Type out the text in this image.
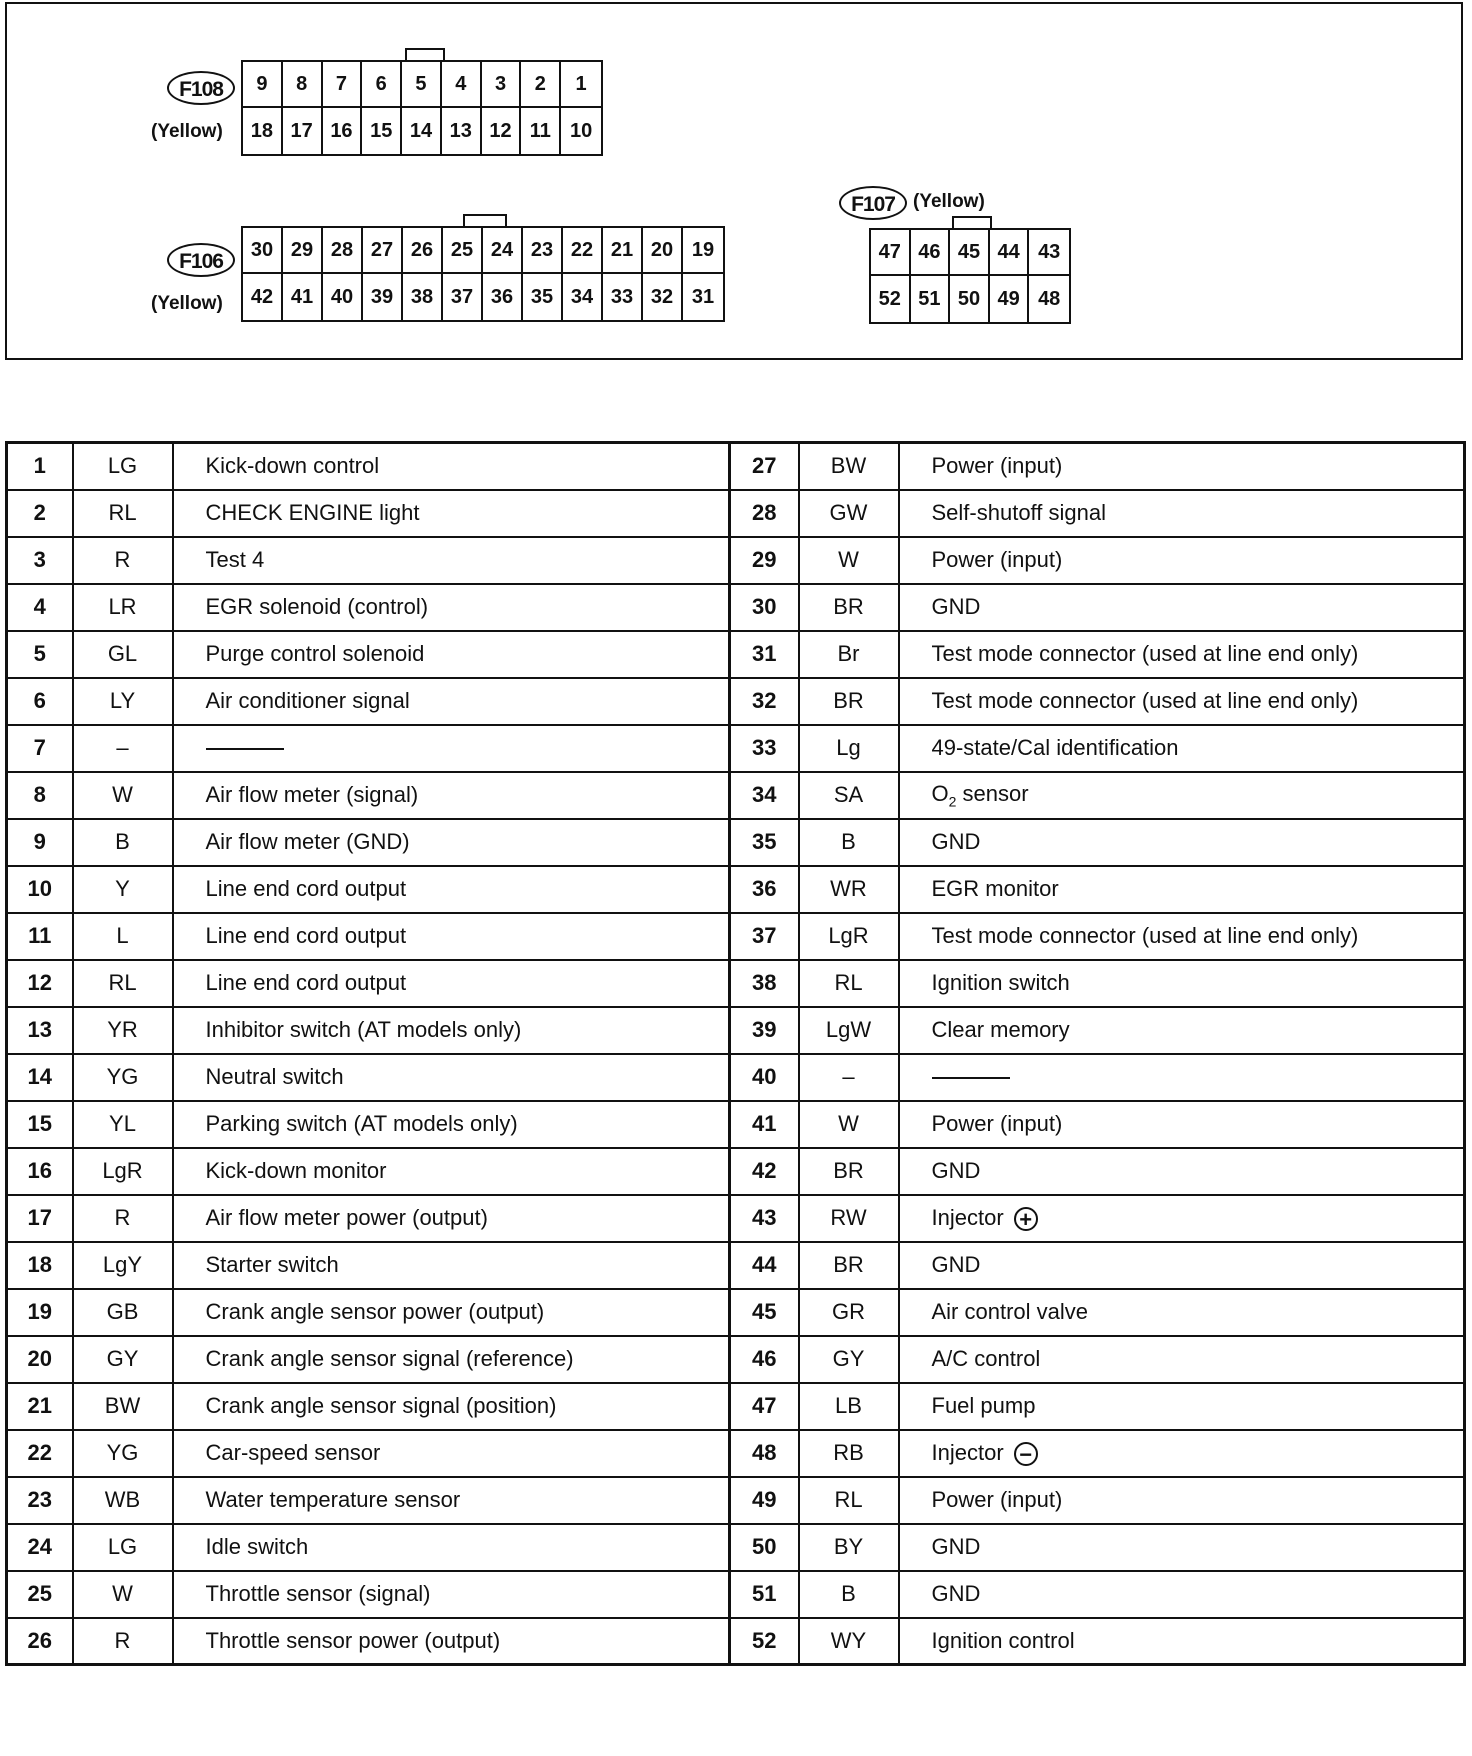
F108
(Yellow)
9	8	7	6	5	4	3	2	1
18 17 16 15 14 13 12 11 10
F106
(Yellow)
30 29 28 27 26 25 24 23 22 21 20 19
42 41 40 39 38 37 36 35 34 33 32 31
F107 (Yellow)
47 46 45 44 43
52 51 50 49 48
1	LG	Kick-down control	27	BW	Power (input)
2	RL	CHECK ENGINE light	28	GW	Self-shutoff signal
3	R	Test 4	29	W	Power (input)
4	LR	EGR solenoid (control)	30	BR	GND
5	GL	Purge control solenoid	31	Br	Test mode connector (used at line end only)
6	LY	Air conditioner signal	32	BR	Test mode connector (used at line end only)
7	–		33	Lg	49-state/Cal identification
8	W	Air flow meter (signal)	34	SA	$O_2$ sensor
9	B	Air flow meter (GND)	35	B	GND
10	Y	Line end cord output	36	WR	EGR monitor
11	L	Line end cord output	37	LgR	Test mode connector (used at line end only)
12	RL	Line end cord output	38	RL	Ignition switch
13	YR	Inhibitor switch (AT models only)	39	LgW	Clear memory
14	YG	Neutral switch	40	–	
15	YL	Parking switch (AT models only)	41	W	Power (input)
16	LgR	Kick-down monitor	42	BR	GND
17	R	Air flow meter power (output)	43	RW	Injector +
18	LgY	Starter switch	44	BR	GND
19	GB	Crank angle sensor power (output)	45	GR	Air control valve
20	GY	Crank angle sensor signal (reference)	46	GY	A/C control
21	BW	Crank angle sensor signal (position)	47	LB	Fuel pump
22	YG	Car-speed sensor	48	RB	Injector −
23	WB	Water temperature sensor	49	RL	Power (input)
24	LG	Idle switch	50	BY	GND
25	W	Throttle sensor (signal)	51	B	GND
26	R	Throttle sensor power (output)	52	WY	Ignition control
